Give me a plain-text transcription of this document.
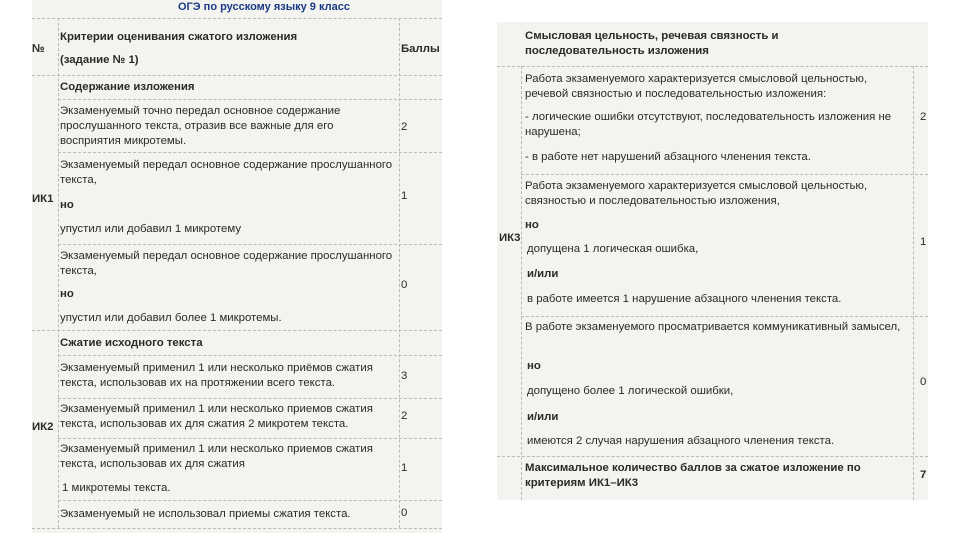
ОГЭ по русскому языку 9 класс
№
Критерии оценивания сжатого изложения
(задание № 1)
Баллы
Содержание изложения
ИК1
Экзаменуемый точно передал основное содержание прослушанного текста, отразив все важные для его восприятия микротемы.
2
Экзаменуемый передал основное содержание прослушанного текста,
но
упустил или добавил 1 микротему
1
Экзаменуемый передал основное содержание прослушанного текста,
но
упустил или добавил более 1 микротемы.
0
Сжатие исходного текста
ИК2
Экзаменуемый применил 1 или несколько приёмов сжатия текста, использовав их на протяжении всего текста.
3
Экзаменуемый применил 1 или несколько приемов сжатия текста, использовав их для сжатия 2 микротем текста.
2
Экзаменуемый применил 1 или несколько приемов сжатия текста, использовав их для сжатия
1 микротемы текста.
1
Экзаменуемый не использовал приемы сжатия текста.	0
Смысловая цельность, речевая связность и последовательность изложения
ИК3
Работа экзаменуемого характеризуется смысловой цельностью, речевой связностью и последовательностью изложения:
- логические ошибки отсутствуют, последовательность изложения не нарушена;
- в работе нет нарушений абзацного членения текста.
2
Работа экзаменуемого характеризуется смысловой цельностью, связностью и последовательностью изложения,
но
допущена 1 логическая ошибка,
и/или
в работе имеется 1 нарушение абзацного членения текста.
1
В работе экзаменуемого просматривается коммуникативный замысел,
но
допущено более 1 логической ошибки,
и/или
имеются 2 случая нарушения абзацного членения текста.
0
Максимальное количество баллов за сжатое изложение по критериям ИК1–ИК3
7
